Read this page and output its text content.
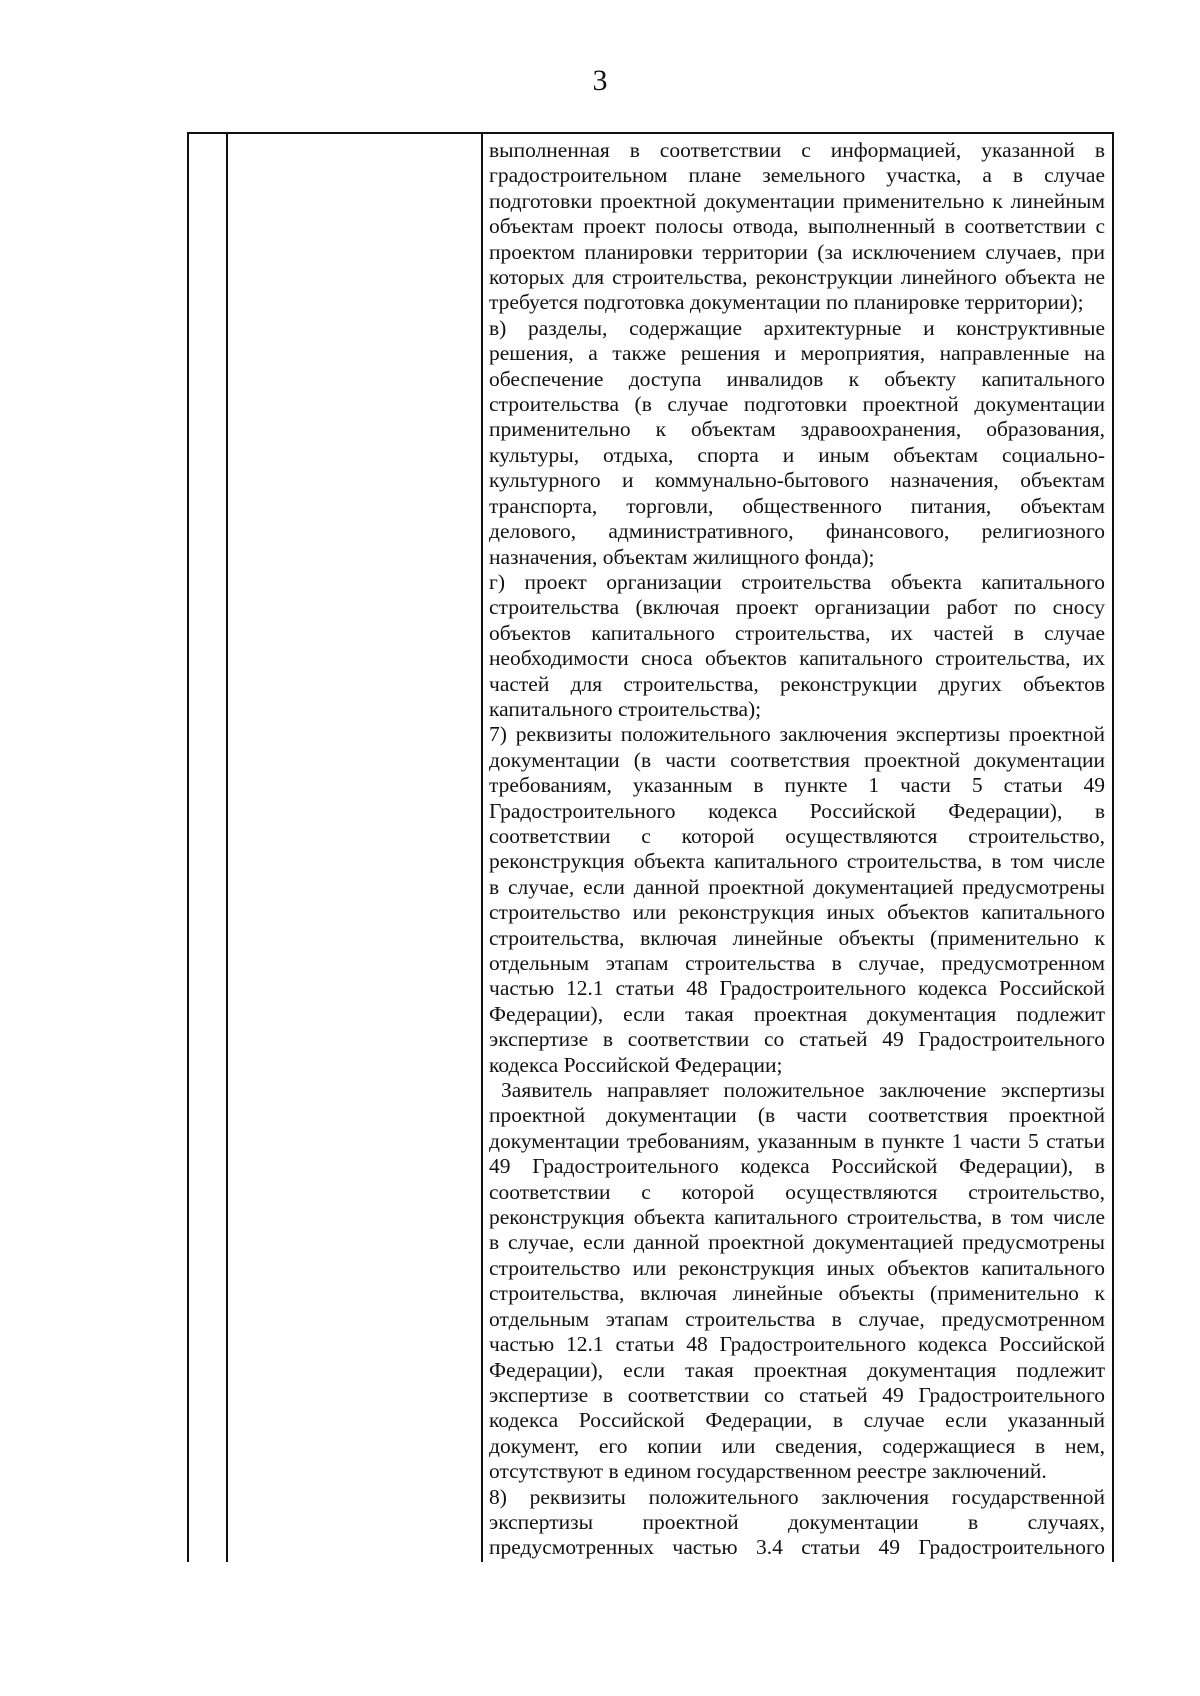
3
выполненная в соответствии с информацией, указанной в
градостроительном плане земельного участка, а в случае
подготовки проектной документации применительно к линейным
объектам проект полосы отвода, выполненный в соответствии с
проектом планировки территории (за исключением случаев, при
которых для строительства, реконструкции линейного объекта не
требуется подготовка документации по планировке территории);
в) разделы, содержащие архитектурные и конструктивные
решения, а также решения и мероприятия, направленные на
обеспечение доступа инвалидов к объекту капитального
строительства (в случае подготовки проектной документации
применительно к объектам здравоохранения, образования,
культуры, отдыха, спорта и иным объектам социально-
культурного и коммунально-бытового назначения, объектам
транспорта, торговли, общественного питания, объектам
делового, административного, финансового, религиозного
назначения, объектам жилищного фонда);
г) проект организации строительства объекта капитального
строительства (включая проект организации работ по сносу
объектов капитального строительства, их частей в случае
необходимости сноса объектов капитального строительства, их
частей для строительства, реконструкции других объектов
капитального строительства);
7) реквизиты положительного заключения экспертизы проектной
документации (в части соответствия проектной документации
требованиям, указанным в пункте 1 части 5 статьи 49
Градостроительного кодекса Российской Федерации), в
соответствии с которой осуществляются строительство,
реконструкция объекта капитального строительства, в том числе
в случае, если данной проектной документацией предусмотрены
строительство или реконструкция иных объектов капитального
строительства, включая линейные объекты (применительно к
отдельным этапам строительства в случае, предусмотренном
частью 12.1 статьи 48 Градостроительного кодекса Российской
Федерации), если такая проектная документация подлежит
экспертизе в соответствии со статьей 49 Градостроительного
кодекса Российской Федерации;
Заявитель направляет положительное заключение экспертизы
проектной документации (в части соответствия проектной
документации требованиям, указанным в пункте 1 части 5 статьи
49 Градостроительного кодекса Российской Федерации), в
соответствии с которой осуществляются строительство,
реконструкция объекта капитального строительства, в том числе
в случае, если данной проектной документацией предусмотрены
строительство или реконструкция иных объектов капитального
строительства, включая линейные объекты (применительно к
отдельным этапам строительства в случае, предусмотренном
частью 12.1 статьи 48 Градостроительного кодекса Российской
Федерации), если такая проектная документация подлежит
экспертизе в соответствии со статьей 49 Градостроительного
кодекса Российской Федерации, в случае если указанный
документ, его копии или сведения, содержащиеся в нем,
отсутствуют в едином государственном реестре заключений.
8) реквизиты положительного заключения государственной
экспертизы проектной документации в случаях,
предусмотренных частью 3.4 статьи 49 Градостроительного
